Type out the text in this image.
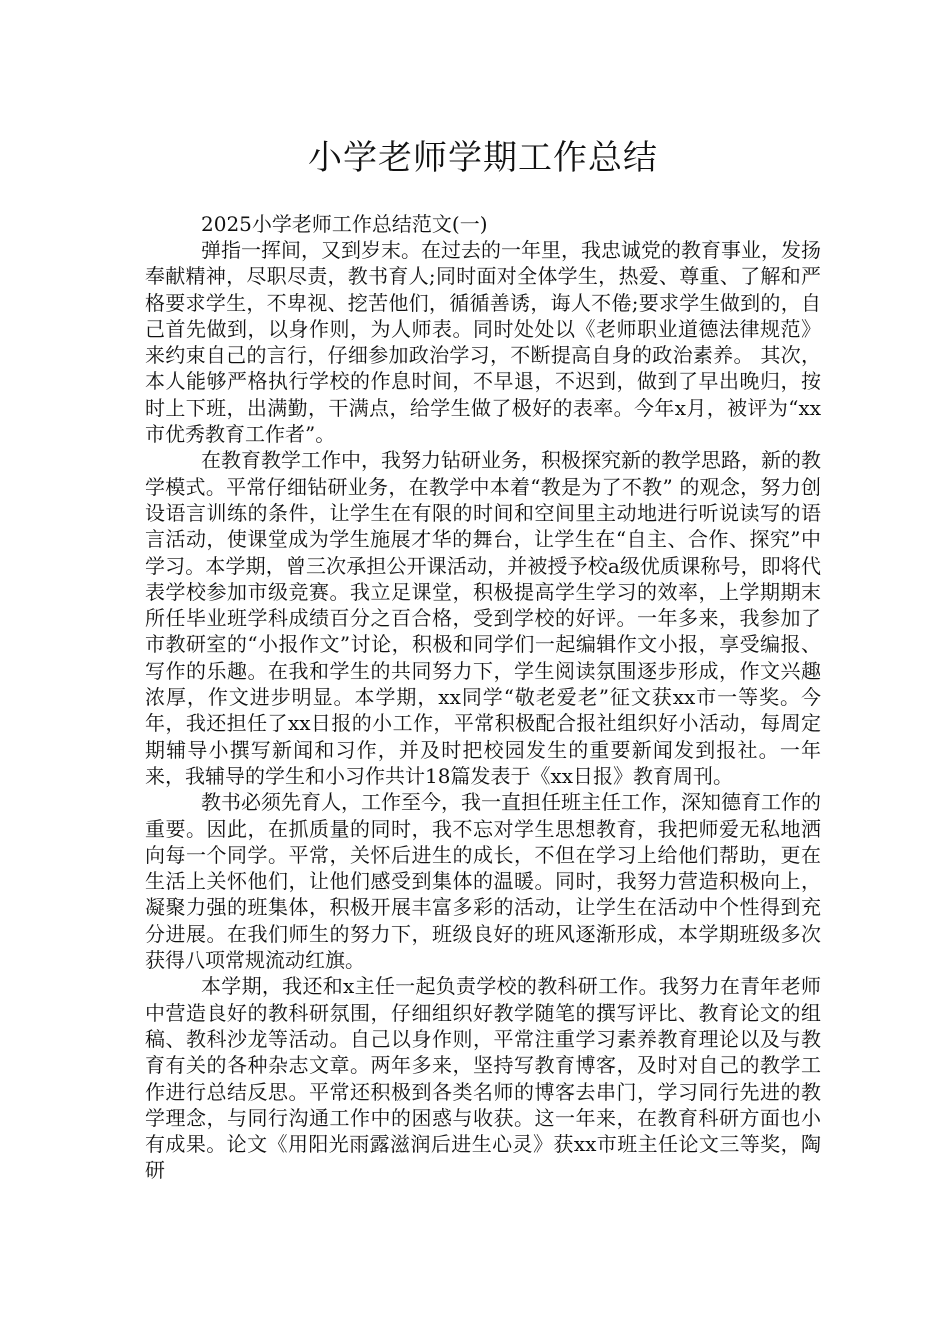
小学老师学期工作总结

2025小学老师工作总结范文(一)

弹指一挥间，又到岁末。在过去的一年里，我忠诚党的教育事业，发扬奉献精神，尽职尽责，教书育人;同时面对全体学生，热爱、尊重、了解和严格要求学生，不卑视、挖苦他们，循循善诱，诲人不倦;要求学生做到的，自己首先做到，以身作则，为人师表。同时处处以《老师职业道德法律规范》来约束自己的言行，仔细参加政治学习，不断提高自身的政治素养。 其次，本人能够严格执行学校的作息时间，不早退，不迟到，做到了早出晚归，按时上下班，出满勤，干满点，给学生做了极好的表率。今年x月，被评为“xx市优秀教育工作者”。

在教育教学工作中，我努力钻研业务，积极探究新的教学思路，新的教学模式。平常仔细钻研业务，在教学中本着“教是为了不教” 的观念，努力创设语言训练的条件，让学生在有限的时间和空间里主动地进行听说读写的语言活动，使课堂成为学生施展才华的舞台，让学生在“自主、合作、探究”中学习。本学期，曾三次承担公开课活动，并被授予校a级优质课称号，即将代表学校参加市级竞赛。我立足课堂，积极提高学生学习的效率，上学期期末所任毕业班学科成绩百分之百合格，受到学校的好评。一年多来，我参加了市教研室的“小报作文”讨论，积极和同学们一起编辑作文小报，享受编报、写作的乐趣。在我和学生的共同努力下，学生阅读氛围逐步形成，作文兴趣浓厚，作文进步明显。本学期，xx同学“敬老爱老”征文获xx市一等奖。今年，我还担任了xx日报的小工作，平常积极配合报社组织好小活动，每周定期辅导小撰写新闻和习作，并及时把校园发生的重要新闻发到报社。一年来，我辅导的学生和小习作共计18篇发表于《xx日报》教育周刊。

教书必须先育人，工作至今，我一直担任班主任工作，深知德育工作的重要。因此，在抓质量的同时，我不忘对学生思想教育，我把师爱无私地洒向每一个同学。平常，关怀后进生的成长，不但在学习上给他们帮助，更在生活上关怀他们，让他们感受到集体的温暖。同时，我努力营造积极向上，凝聚力强的班集体，积极开展丰富多彩的活动，让学生在活动中个性得到充分进展。在我们师生的努力下，班级良好的班风逐渐形成，本学期班级多次获得八项常规流动红旗。

本学期，我还和x主任一起负责学校的教科研工作。我努力在青年老师中营造良好的教科研氛围，仔细组织好教学随笔的撰写评比、教育论文的组稿、教科沙龙等活动。自己以身作则，平常注重学习素养教育理论以及与教育有关的各种杂志文章。两年多来，坚持写教育博客，及时对自己的教学工作进行总结反思。平常还积极到各类名师的博客去串门，学习同行先进的教学理念，与同行沟通工作中的困惑与收获。这一年来，在教育科研方面也小有成果。论文《用阳光雨露滋润后进生心灵》获xx市班主任论文三等奖，陶研
